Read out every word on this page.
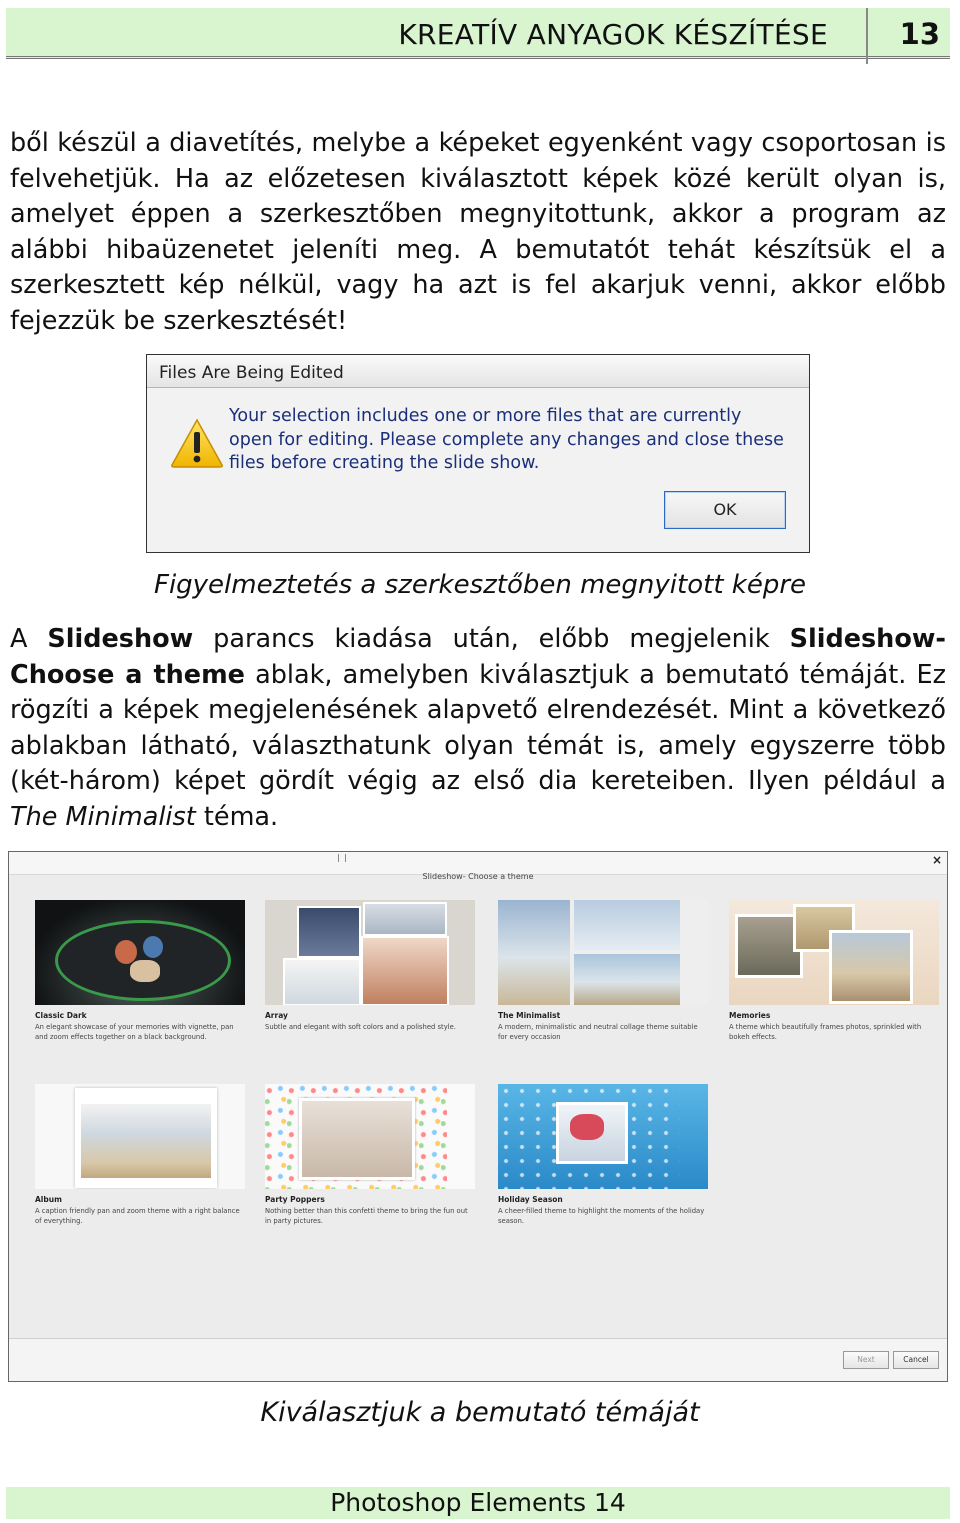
KREATÍV ANYAGOK KÉSZÍTÉSE 13
ből készül a diavetítés, melybe a képeket egyenként vagy csoportosan is felvehetjük. Ha az előzetesen kiválasztott képek közé került olyan is, amelyet éppen a szerkesztőben megnyitottunk, akkor a program az alábbi hibaüzenetet jeleníti meg. A bemutatót tehát készítsük el a szerkesztett kép nélkül, vagy ha azt is fel akarjuk venni, akkor előbb fejezzük be szerkesztését!
Files Are Being Edited
Your selection includes one or more files that are currently open for editing. Please complete any changes and close these files before creating the slide show.
OK
Figyelmeztetés a szerkesztőben megnyitott képre
A Slideshow parancs kiadása után, előbb megjelenik Slideshow-Choose a theme ablak, amelyben kiválasztjuk a bemutató témáját. Ez rögzíti a képek megjelenésének alapvető elrendezését. Mint a következő ablakban látható, választhatunk olyan témát is, amely egyszerre több (két-három) képet gördít végig az első dia kereteiben. Ilyen például a The Minimalist téma.
×
Slideshow- Choose a theme
Classic Dark
An elegant showcase of your memories with vignette, pan and zoom effects together on a black background.
Array
Subtle and elegant with soft colors and a polished style.
The Minimalist
A modern, minimalistic and neutral collage theme suitable for every occasion
Memories
A theme which beautifully frames photos, sprinkled with bokeh effects.
Album
A caption friendly pan and zoom theme with a right balance of everything.
Party Poppers
Nothing better than this confetti theme to bring the fun out in party pictures.
Holiday Season
A cheer-filled theme to highlight the moments of the holiday season.
Next	Cancel
Kiválasztjuk a bemutató témáját
Photoshop Elements 14
